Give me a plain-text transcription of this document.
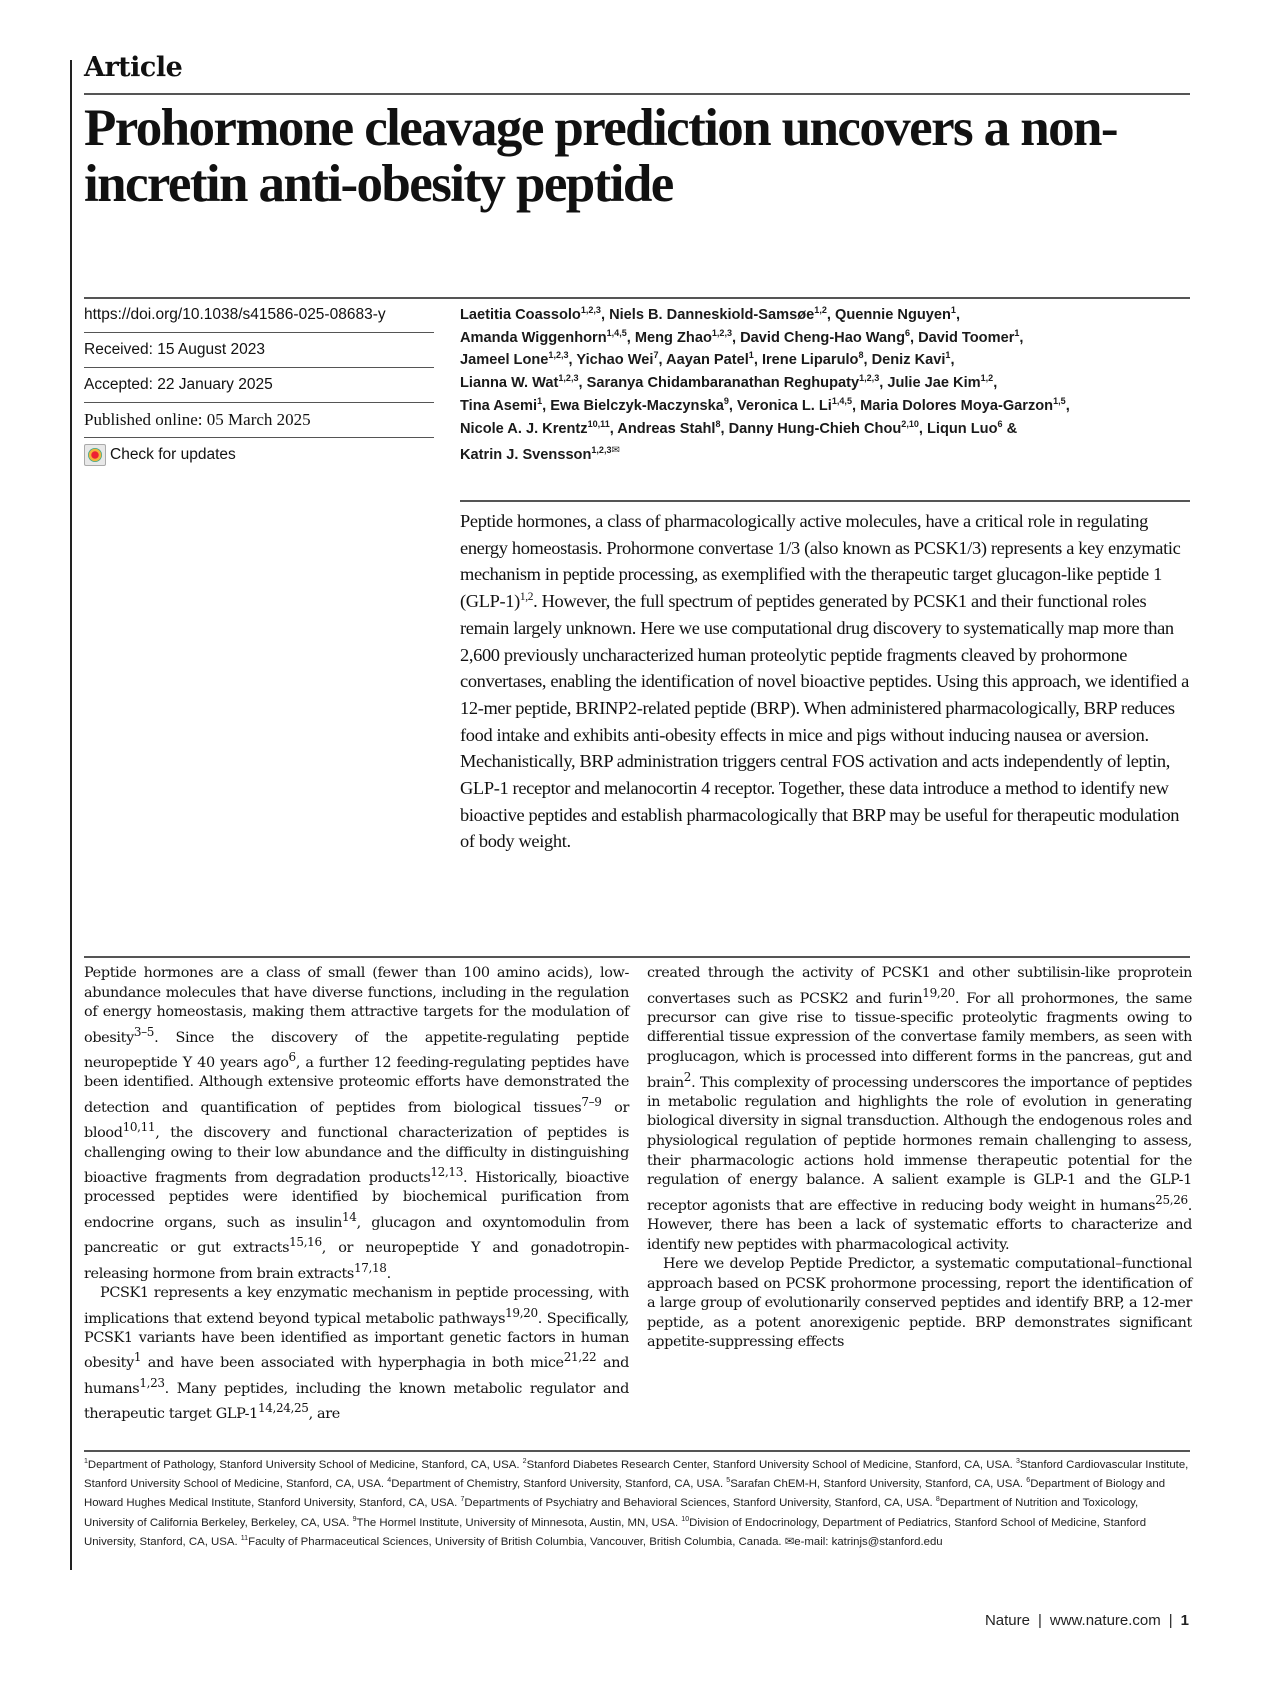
Article
Prohormone cleavage prediction uncovers a non-incretin anti-obesity peptide
https://doi.org/10.1038/s41586-025-08683-y
Received: 15 August 2023
Accepted: 22 January 2025
Published online: 05 March 2025
Check for updates
Laetitia Coassolo$^{1,2,3}$, Niels B. Danneskiold-Samsøe$^{1,2}$, Quennie Nguyen$^1$,
Amanda Wiggenhorn$^{1,4,5}$, Meng Zhao$^{1,2,3}$, David Cheng-Hao Wang$^6$, David Toomer$^1$,
Jameel Lone$^{1,2,3}$, Yichao Wei$^7$, Aayan Patel$^1$, Irene Liparulo$^8$, Deniz Kavi$^1$,
Lianna W. Wat$^{1,2,3}$, Saranya Chidambaranathan Reghupaty$^{1,2,3}$, Julie Jae Kim$^{1,2}$,
Tina Asemi$^1$, Ewa Bielczyk-Maczynska$^9$, Veronica L. Li$^{1,4,5}$, Maria Dolores Moya-Garzon$^{1,5}$,
Nicole A. J. Krentz$^{10,11}$, Andreas Stahl$^8$, Danny Hung-Chieh Chou$^{2,10}$, Liqun Luo$^6$ &
Katrin J. Svensson$^{1,2,3✉}$

Peptide hormones, a class of pharmacologically active molecules, have a critical role in regulating energy homeostasis. Prohormone convertase 1/3 (also known as PCSK1/3) represents a key enzymatic mechanism in peptide processing, as exemplified with the therapeutic target glucagon-like peptide 1 $(GLP-1)^{1,2}$. However, the full spectrum of peptides generated by PCSK1 and their functional roles remain largely unknown. Here we use computational drug discovery to systematically map more than 2,600 previously uncharacterized human proteolytic peptide fragments cleaved by prohormone convertases, enabling the identification of novel bioactive peptides. Using this approach, we identified a 12-mer peptide, BRINP2-related peptide (BRP). When administered pharmacologically, BRP reduces food intake and exhibits anti-obesity effects in mice and pigs without inducing nausea or aversion. Mechanistically, BRP administration triggers central FOS activation and acts independently of leptin, GLP-1 receptor and melanocortin 4 receptor. Together, these data introduce a method to identify new bioactive peptides and establish pharmacologically that BRP may be useful for therapeutic modulation of body weight.

Peptide hormones are a class of small (fewer than 100 amino acids), low-abundance molecules that have diverse functions, including in the regulation of energy homeostasis, making them attractive targets for the modulation of obesity$^{3-5}$. Since the discovery of the appetite-regulating peptide neuropeptide Y 40 years ago$^6$, a further 12 feeding-regulating peptides have been identified. Although extensive proteomic efforts have demonstrated the detection and quantification of peptides from biological tissues$^{7-9}$ or blood$^{10,11}$, the discovery and functional characterization of peptides is challenging owing to their low abundance and the difficulty in distinguishing bioactive fragments from degradation products$^{12,13}$. Historically, bioactive processed peptides were identified by biochemical purification from endocrine organs, such as insulin$^{14}$, glucagon and oxyntomodulin from pancreatic or gut extracts$^{15,16}$, or neuropeptide Y and gonadotropin-releasing hormone from brain extracts$^{17,18}$.

PCSK1 represents a key enzymatic mechanism in peptide processing, with implications that extend beyond typical metabolic pathways$^{19,20}$. Specifically, PCSK1 variants have been identified as important genetic factors in human obesity$^1$ and have been associated with hyperphagia in both mice$^{21,22}$ and humans$^{1,23}$. Many peptides, including the known metabolic regulator and therapeutic target GLP-1$^{14,24,25}$, are

created through the activity of PCSK1 and other subtilisin-like proprotein convertases such as PCSK2 and furin$^{19,20}$. For all prohormones, the same precursor can give rise to tissue-specific proteolytic fragments owing to differential tissue expression of the convertase family members, as seen with proglucagon, which is processed into different forms in the pancreas, gut and brain$^2$. This complexity of processing underscores the importance of peptides in metabolic regulation and highlights the role of evolution in generating biological diversity in signal transduction. Although the endogenous roles and physiological regulation of peptide hormones remain challenging to assess, their pharmacologic actions hold immense therapeutic potential for the regulation of energy balance. A salient example is GLP-1 and the GLP-1 receptor agonists that are effective in reducing body weight in humans$^{25,26}$. However, there has been a lack of systematic efforts to characterize and identify new peptides with pharmacological activity.

Here we develop Peptide Predictor, a systematic computational–functional approach based on PCSK prohormone processing, report the identification of a large group of evolutionarily conserved peptides and identify BRP, a 12-mer peptide, as a potent anorexigenic peptide. BRP demonstrates significant appetite-suppressing effects

$^1$Department of Pathology, Stanford University School of Medicine, Stanford, CA, USA. $^2$Stanford Diabetes Research Center, Stanford University School of Medicine, Stanford, CA, USA. $^3$Stanford Cardiovascular Institute, Stanford University School of Medicine, Stanford, CA, USA. $^4$Department of Chemistry, Stanford University, Stanford, CA, USA. $^5$Sarafan ChEM-H, Stanford University, Stanford, CA, USA. $^6$Department of Biology and Howard Hughes Medical Institute, Stanford University, Stanford, CA, USA. $^7$Departments of Psychiatry and Behavioral Sciences, Stanford University, Stanford, CA, USA. $^8$Department of Nutrition and Toxicology, University of California Berkeley, Berkeley, CA, USA. $^9$The Hormel Institute, University of Minnesota, Austin, MN, USA. $^{10}$Division of Endocrinology, Department of Pediatrics, Stanford School of Medicine, Stanford University, Stanford, CA, USA. $^{11}$Faculty of Pharmaceutical Sciences, University of British Columbia, Vancouver, British Columbia, Canada. ✉e-mail: katrinjs@stanford.edu

Nature | www.nature.com | 1
